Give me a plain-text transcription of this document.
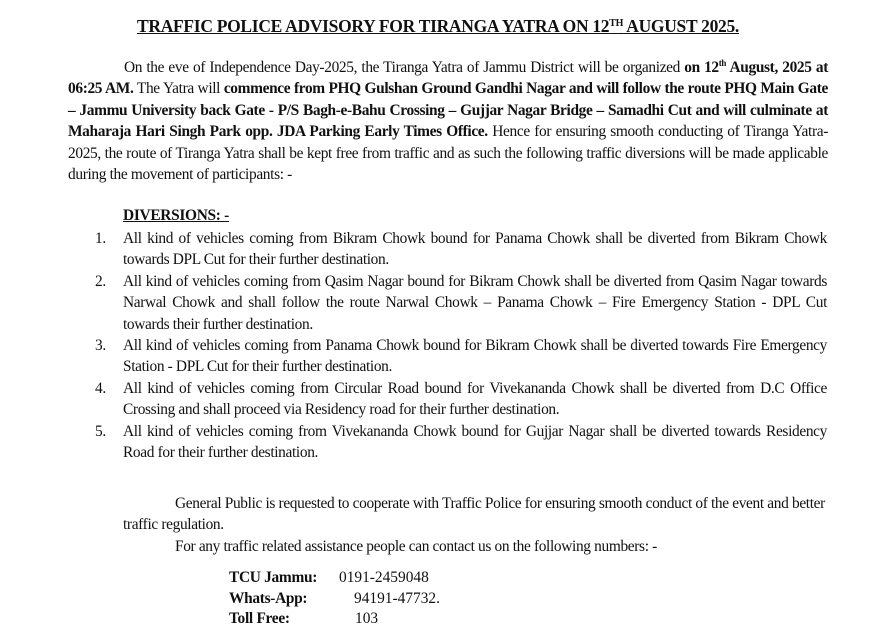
TRAFFIC POLICE ADVISORY FOR TIRANGA YATRA ON 12TH AUGUST 2025.
On the eve of Independence Day-2025, the Tiranga Yatra of Jammu District will be organized on 12th August, 2025 at 06:25 AM. The Yatra will commence from PHQ Gulshan Ground Gandhi Nagar and will follow the route PHQ Main Gate – Jammu University back Gate - P/S Bagh-e-Bahu Crossing – Gujjar Nagar Bridge – Samadhi Cut and will culminate at Maharaja Hari Singh Park opp. JDA Parking Early Times Office. Hence for ensuring smooth conducting of Tiranga Yatra-2025, the route of Tiranga Yatra shall be kept free from traffic and as such the following traffic diversions will be made applicable during the movement of participants: -
DIVERSIONS: -
1. All kind of vehicles coming from Bikram Chowk bound for Panama Chowk shall be diverted from Bikram Chowk towards DPL Cut for their further destination.
2. All kind of vehicles coming from Qasim Nagar bound for Bikram Chowk shall be diverted from Qasim Nagar towards Narwal Chowk and shall follow the route Narwal Chowk – Panama Chowk – Fire Emergency Station - DPL Cut towards their further destination.
3. All kind of vehicles coming from Panama Chowk bound for Bikram Chowk shall be diverted towards Fire Emergency Station - DPL Cut for their further destination.
4. All kind of vehicles coming from Circular Road bound for Vivekananda Chowk shall be diverted from D.C Office Crossing and shall proceed via Residency road for their further destination.
5. All kind of vehicles coming from Vivekananda Chowk bound for Gujjar Nagar shall be diverted towards Residency Road for their further destination.
General Public is requested to cooperate with Traffic Police for ensuring smooth conduct of the event and better traffic regulation.
For any traffic related assistance people can contact us on the following numbers: -
TCU Jammu:	0191-2459048
Whats-App:	94191-47732.
Toll Free:	103
